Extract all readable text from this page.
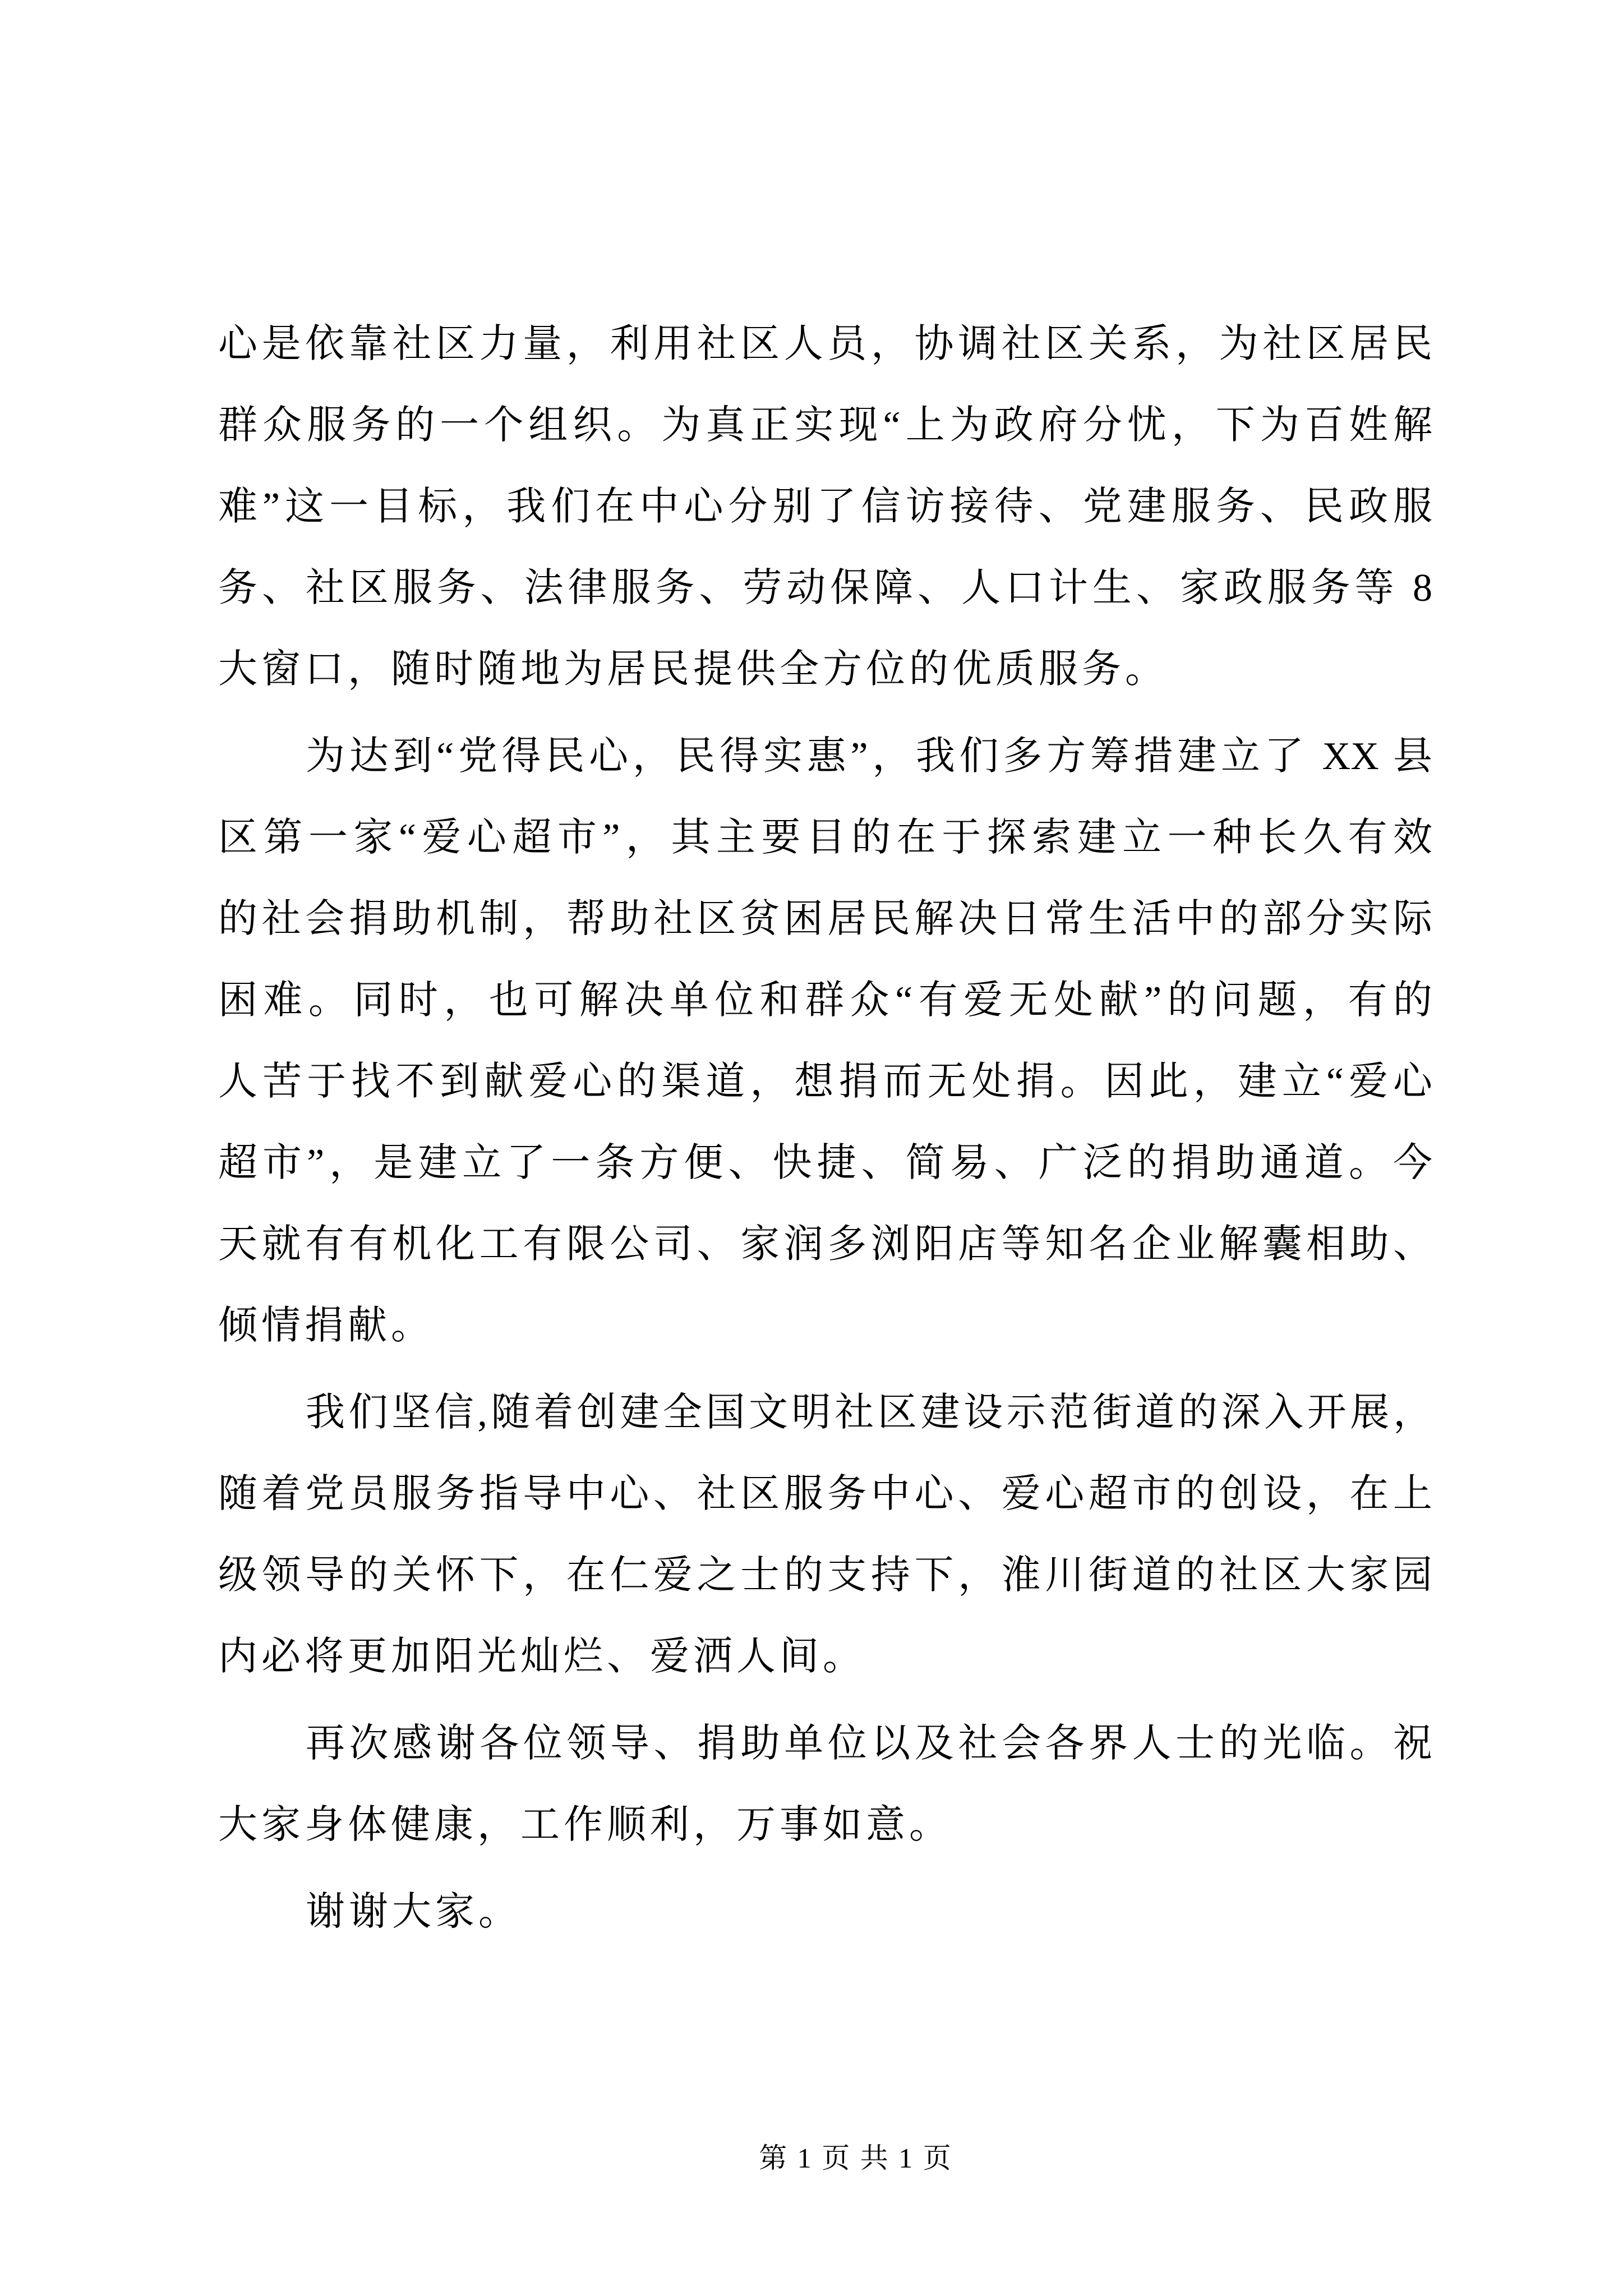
心是依靠社区力量，利用社区人员，协调社区关系，为社区居民
群众服务的一个组织。为真正实现“上为政府分忧，下为百姓解
难”这一目标，我们在中心分别了信访接待、党建服务、民政服
务、社区服务、法律服务、劳动保障、人口计生、家政服务等 8
大窗口，随时随地为居民提供全方位的优质服务。
为达到“党得民心，民得实惠”，我们多方筹措建立了 XX 县
区第一家“爱心超市”，其主要目的在于探索建立一种长久有效
的社会捐助机制，帮助社区贫困居民解决日常生活中的部分实际
困难。同时，也可解决单位和群众“有爱无处献”的问题，有的
人苦于找不到献爱心的渠道，想捐而无处捐。因此，建立“爱心
超市”，是建立了一条方便、快捷、简易、广泛的捐助通道。今
天就有有机化工有限公司、家润多浏阳店等知名企业解囊相助、
倾情捐献。
我们坚信,随着创建全国文明社区建设示范街道的深入开展，
随着党员服务指导中心、社区服务中心、爱心超市的创设，在上
级领导的关怀下，在仁爱之士的支持下，淮川街道的社区大家园
内必将更加阳光灿烂、爱洒人间。
再次感谢各位领导、捐助单位以及社会各界人士的光临。祝
大家身体健康，工作顺利，万事如意。
谢谢大家。
第 1 页 共 1 页
